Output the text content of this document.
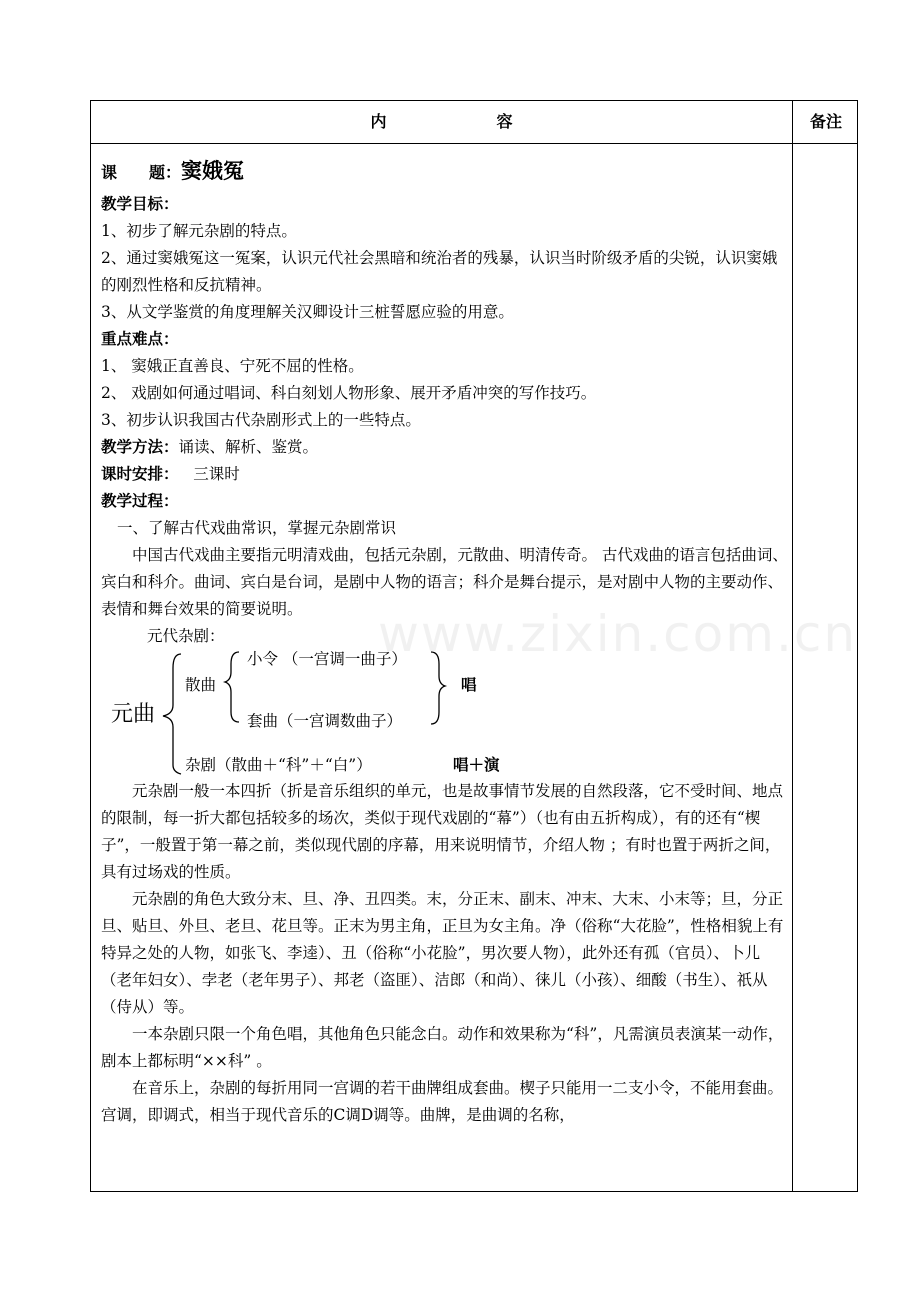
内容	备注

课　　题：窦娥冤

教学目标：

1、初步了解元杂剧的特点。

2、通过窦娥冤这一冤案，认识元代社会黑暗和统治者的残暴，认识当时阶级矛盾的尖锐，认识窦娥的刚烈性格和反抗精神。

3、从文学鉴赏的角度理解关汉卿设计三桩誓愿应验的用意。

重点难点：

1、 窦娥正直善良、宁死不屈的性格。

2、 戏剧如何通过唱词、科白刻划人物形象、展开矛盾冲突的写作技巧。

3、初步认识我国古代杂剧形式上的一些特点。

教学方法：诵读、解析、鉴赏。

课时安排： 三课时

教学过程：

一、了解古代戏曲常识，掌握元杂剧常识

中国古代戏曲主要指元明清戏曲，包括元杂剧，元散曲、明清传奇。 古代戏曲的语言包括曲词、宾白和科介。曲词、宾白是台词，是剧中人物的语言；科介是舞台提示，是对剧中人物的主要动作、表情和舞台效果的简要说明。

元代杂剧：

元曲
散曲
小令 （一宫调一曲子）
套曲（一宫调数曲子）
唱
杂剧（散曲＋“科”＋“白”）	唱＋演

元杂剧一般一本四折（折是音乐组织的单元，也是故事情节发展的自然段落，它不受时间、地点的限制，每一折大都包括较多的场次，类似于现代戏剧的“幕”）（也有由五折构成），有的还有“楔子”，一般置于第一幕之前，类似现代剧的序幕，用来说明情节，介绍人物 ；有时也置于两折之间，具有过场戏的性质。

元杂剧的角色大致分末、旦、净、丑四类。末，分正末、副末、冲末、大末、小末等；旦，分正旦、贴旦、外旦、老旦、花旦等。正末为男主角，正旦为女主角。净（俗称“大花脸”，性格相貌上有特异之处的人物，如张飞、李逵）、丑（俗称“小花脸”，男次要人物），此外还有孤（官员）、卜儿（老年妇女）、孛老（老年男子）、邦老（盗匪）、洁郎（和尚）、徕儿（小孩）、细酸（书生）、祇从（侍从）等。

一本杂剧只限一个角色唱，其他角色只能念白。动作和效果称为“科”，凡需演员表演某一动作，剧本上都标明“××科” 。

在音乐上，杂剧的每折用同一宫调的若干曲牌组成套曲。楔子只能用一二支小令，不能用套曲。宫调，即调式，相当于现代音乐的C调D调等。曲牌，是曲调的名称，

www.zixin.com.cn
